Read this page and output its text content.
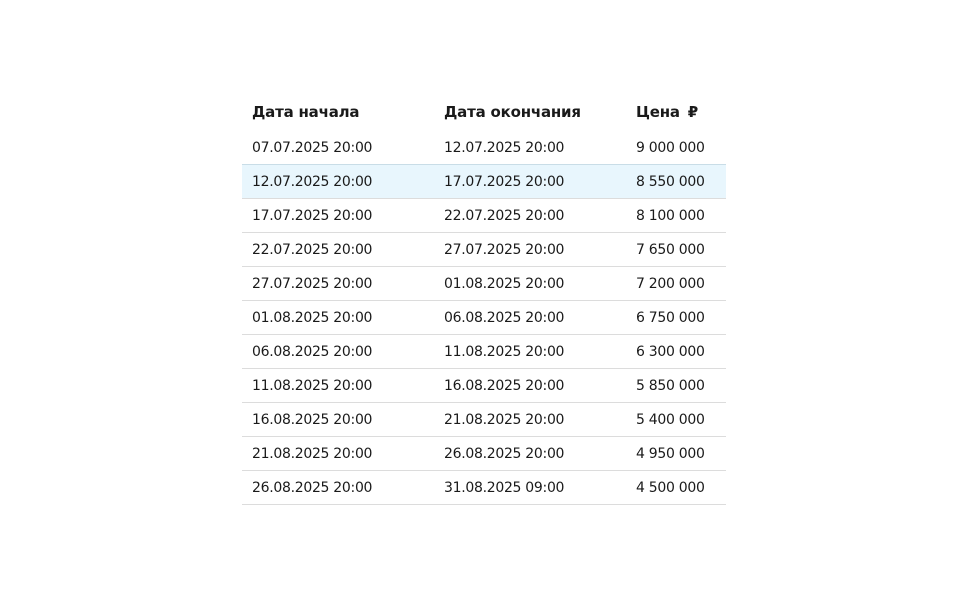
Дата начала	Дата окончания	Цена ₽
07.07.2025 20:00	12.07.2025 20:00	9 000 000
12.07.2025 20:00	17.07.2025 20:00	8 550 000
17.07.2025 20:00	22.07.2025 20:00	8 100 000
22.07.2025 20:00	27.07.2025 20:00	7 650 000
27.07.2025 20:00	01.08.2025 20:00	7 200 000
01.08.2025 20:00	06.08.2025 20:00	6 750 000
06.08.2025 20:00	11.08.2025 20:00	6 300 000
11.08.2025 20:00	16.08.2025 20:00	5 850 000
16.08.2025 20:00	21.08.2025 20:00	5 400 000
21.08.2025 20:00	26.08.2025 20:00	4 950 000
26.08.2025 20:00	31.08.2025 09:00	4 500 000
